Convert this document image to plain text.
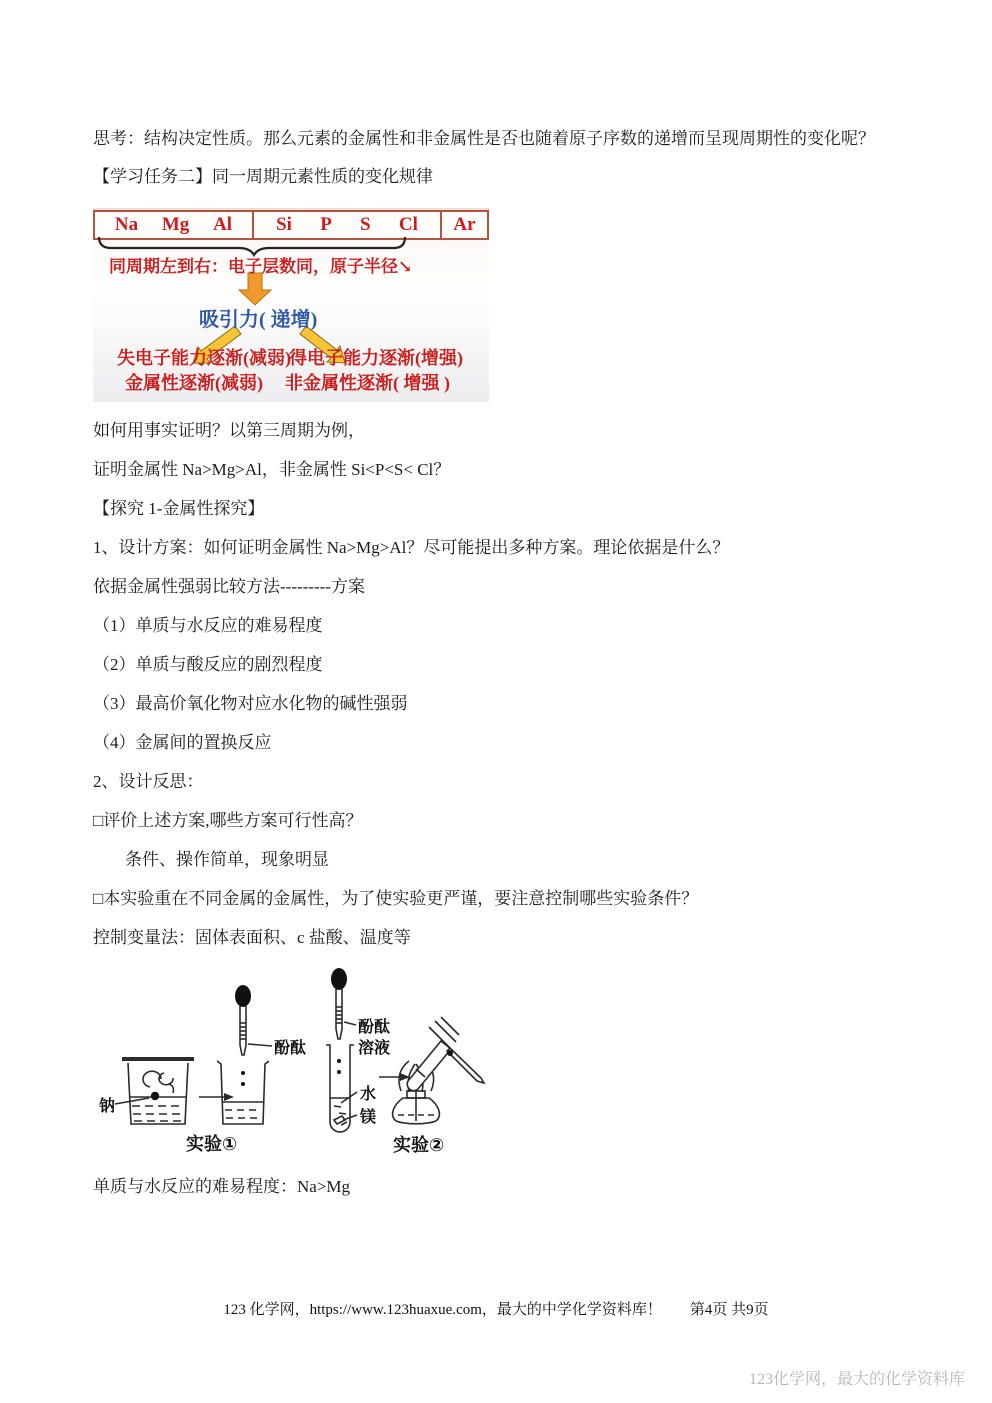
思考：结构决定性质。那么元素的金属性和非金属性是否也随着原子序数的递增而呈现周期性的变化呢？

【学习任务二】同一周期元素性质的变化规律

Na Mg Al Si P S Cl Ar
同周期左到右：电子层数同，原子半径↘
吸引力( 递增)
失电子能力逐渐(减弱)
得电子能力逐渐(增强)
金属性逐渐(减弱) 非金属性逐渐( 增强 )

如何用事实证明？以第三周期为例，

证明金属性 Na>Mg>Al，非金属性 Si<P<S< Cl？

【探究 1-金属性探究】

1、设计方案：如何证明金属性 Na>Mg>Al？尽可能提出多种方案。理论依据是什么？

依据金属性强弱比较方法---------方案

（1）单质与水反应的难易程度

（2）单质与酸反应的剧烈程度

（3）最高价氧化物对应水化物的碱性强弱

（4）金属间的置换反应

2、设计反思：

□评价上述方案,哪些方案可行性高？

条件、操作简单，现象明显

□本实验重在不同金属的金属性，为了使实验更严谨，要注意控制哪些实验条件？

控制变量法：固体表面积、c 盐酸、温度等

钠
酚酞
实验①
酚酞
溶液
水
镁
实验②

单质与水反应的难易程度：Na>Mg

123 化学网，https://www.123huaxue.com，最大的中学化学资料库！ 第4页 共9页
123化学网，最大的化学资料库
